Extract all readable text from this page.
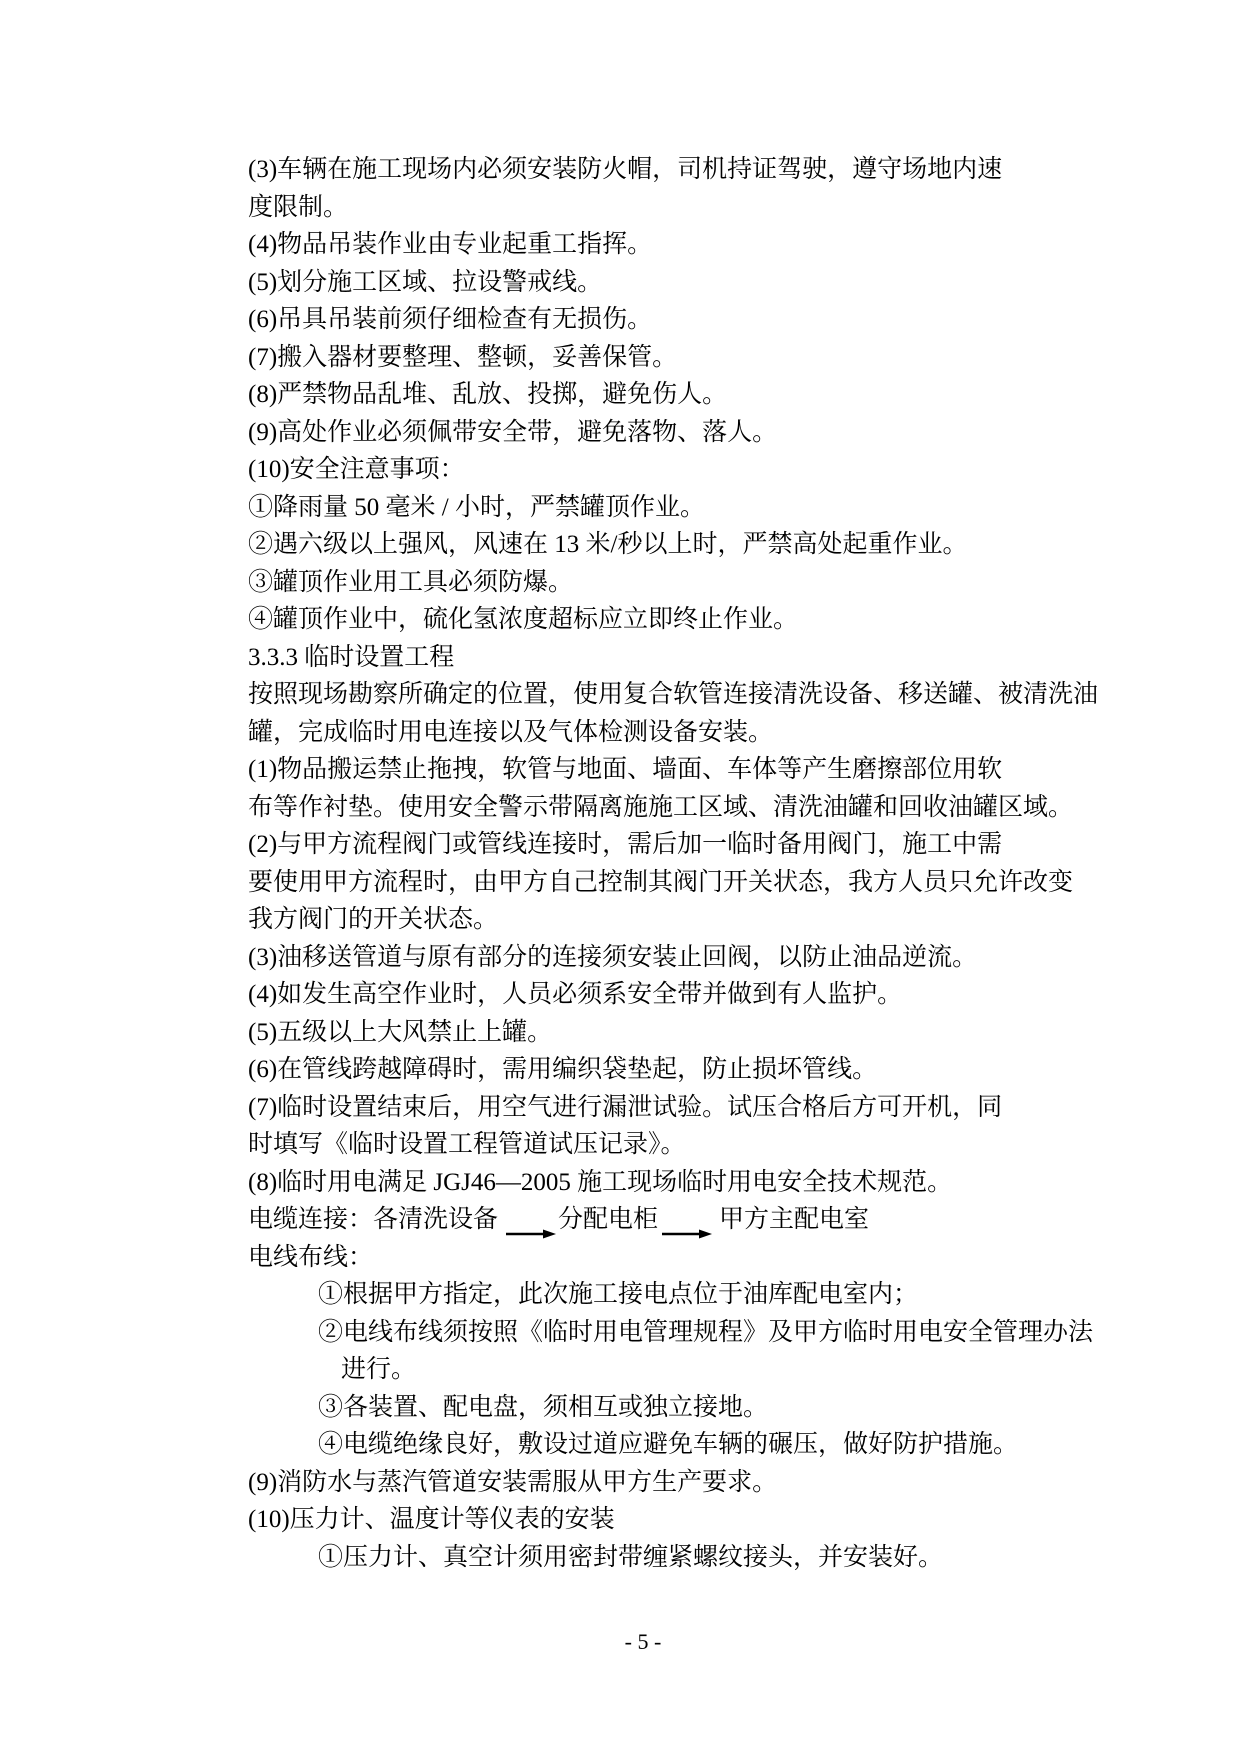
(3)车辆在施工现场内必须安装防火帽，司机持证驾驶，遵守场地内速
度限制。
(4)物品吊装作业由专业起重工指挥。
(5)划分施工区域、拉设警戒线。
(6)吊具吊装前须仔细检查有无损伤。
(7)搬入器材要整理、整顿，妥善保管。
(8)严禁物品乱堆、乱放、投掷，避免伤人。
(9)高处作业必须佩带安全带，避免落物、落人。
(10)安全注意事项：
①降雨量 50 毫米 / 小时，严禁罐顶作业。
②遇六级以上强风，风速在 13 米/秒以上时，严禁高处起重作业。
③罐顶作业用工具必须防爆。
④罐顶作业中，硫化氢浓度超标应立即终止作业。
3.3.3 临时设置工程
按照现场勘察所确定的位置，使用复合软管连接清洗设备、移送罐、被清洗油
罐，完成临时用电连接以及气体检测设备安装。
(1)物品搬运禁止拖拽，软管与地面、墙面、车体等产生磨擦部位用软
布等作衬垫。使用安全警示带隔离施施工区域、清洗油罐和回收油罐区域。
(2)与甲方流程阀门或管线连接时，需后加一临时备用阀门，施工中需
要使用甲方流程时，由甲方自己控制其阀门开关状态，我方人员只允许改变
我方阀门的开关状态。
(3)油移送管道与原有部分的连接须安装止回阀，以防止油品逆流。
(4)如发生高空作业时，人员必须系安全带并做到有人监护。
(5)五级以上大风禁止上罐。
(6)在管线跨越障碍时，需用编织袋垫起，防止损坏管线。
(7)临时设置结束后，用空气进行漏泄试验。试压合格后方可开机，同
时填写《临时设置工程管道试压记录》。
(8)临时用电满足 JGJ46—2005 施工现场临时用电安全技术规范。
电缆连接： 各清洗设备 分配电柜 甲方主配电室
电线布线：
①根据甲方指定，此次施工接电点位于油库配电室内；
②电线布线须按照《临时用电管理规程》及甲方临时用电安全管理办法
进行。
③各装置、配电盘，须相互或独立接地。
④电缆绝缘良好，敷设过道应避免车辆的碾压，做好防护措施。
(9)消防水与蒸汽管道安装需服从甲方生产要求。
(10)压力计、温度计等仪表的安装
①压力计、真空计须用密封带缠紧螺纹接头，并安装好。
- 5 -
